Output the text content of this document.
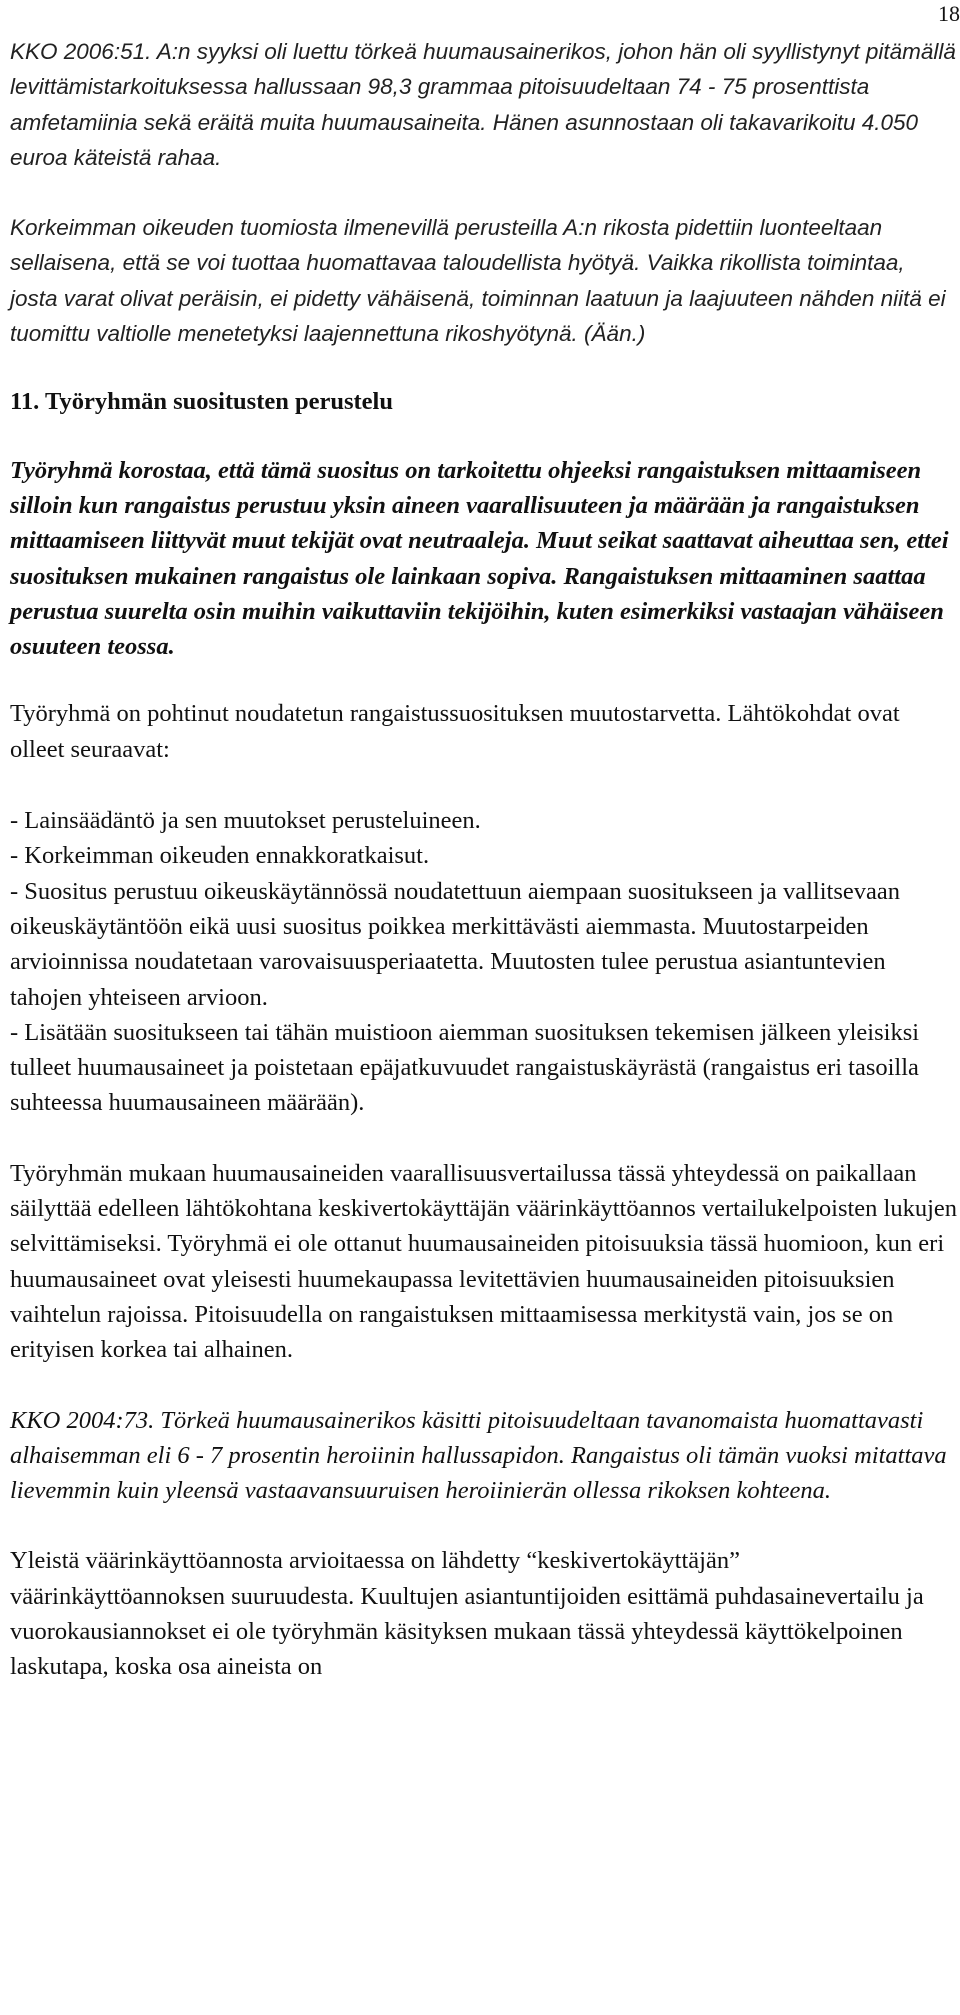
18

KKO 2006:51. A:n syyksi oli luettu törkeä huumausainerikos, johon hän oli syyllistynyt pitämällä levittämistarkoituksessa hallussaan 98,3 grammaa pitoisuudeltaan 74 - 75 prosenttista amfetamiinia sekä eräitä muita huumausaineita. Hänen asunnostaan oli takavarikoitu 4.050 euroa käteistä rahaa.

Korkeimman oikeuden tuomiosta ilmenevillä perusteilla A:n rikosta pidettiin luonteeltaan sellaisena, että se voi tuottaa huomattavaa taloudellista hyötyä. Vaikka rikollista toimintaa, josta varat olivat peräisin, ei pidetty vähäisenä, toiminnan laatuun ja laajuuteen nähden niitä ei tuomittu valtiolle menetetyksi laajennettuna rikoshyötynä. (Ään.)

11. Työryhmän suositusten perustelu

Työryhmä korostaa, että tämä suositus on tarkoitettu ohjeeksi rangaistuksen mittaamiseen silloin kun rangaistus perustuu yksin aineen vaarallisuuteen ja määrään ja rangaistuksen mittaamiseen liittyvät muut tekijät ovat neutraaleja. Muut seikat saattavat aiheuttaa sen, ettei suosituksen mukainen rangaistus ole lainkaan sopiva. Rangaistuksen mittaaminen saattaa perustua suurelta osin muihin vaikuttaviin tekijöihin, kuten esimerkiksi vastaajan vähäiseen osuuteen teossa.

Työryhmä on pohtinut noudatetun rangaistussuosituksen muutostarvetta. Lähtökohdat ovat olleet seuraavat:

- Lainsäädäntö ja sen muutokset perusteluineen.

- Korkeimman oikeuden ennakkoratkaisut.

- Suositus perustuu oikeuskäytännössä noudatettuun aiempaan suositukseen ja vallitsevaan oikeuskäytäntöön eikä uusi suositus poikkea merkittävästi aiemmasta. Muutostarpeiden arvioinnissa noudatetaan varovaisuusperiaatetta. Muutosten tulee perustua asiantuntevien tahojen yhteiseen arvioon.

- Lisätään suositukseen tai tähän muistioon aiemman suosituksen tekemisen jälkeen yleisiksi tulleet huumausaineet ja poistetaan epäjatkuvuudet rangaistuskäyrästä (rangaistus eri tasoilla suhteessa huumausaineen määrään).

Työryhmän mukaan huumausaineiden vaarallisuusvertailussa tässä yhteydessä on paikallaan säilyttää edelleen lähtökohtana keskivertokäyttäjän väärinkäyttöannos vertailukelpoisten lukujen selvittämiseksi. Työryhmä ei ole ottanut huumausaineiden pitoisuuksia tässä huomioon, kun eri huumausaineet ovat yleisesti huumekaupassa levitettävien huumausaineiden pitoisuuksien vaihtelun rajoissa. Pitoisuudella on rangaistuksen mittaamisessa merkitystä vain, jos se on erityisen korkea tai alhainen.

KKO 2004:73. Törkeä huumausainerikos käsitti pitoisuudeltaan tavanomaista huomattavasti alhaisemman eli 6 - 7 prosentin heroiinin hallussapidon. Rangaistus oli tämän vuoksi mitattava lievemmin kuin yleensä vastaavansuuruisen heroiinierän ollessa rikoksen kohteena.

Yleistä väärinkäyttöannosta arvioitaessa on lähdetty “keskivertokäyttäjän” väärinkäyttöannoksen suuruudesta. Kuultujen asiantuntijoiden esittämä puhdasainevertailu ja vuorokausiannokset ei ole työryhmän käsityksen mukaan tässä yhteydessä käyttökelpoinen laskutapa, koska osa aineista on
